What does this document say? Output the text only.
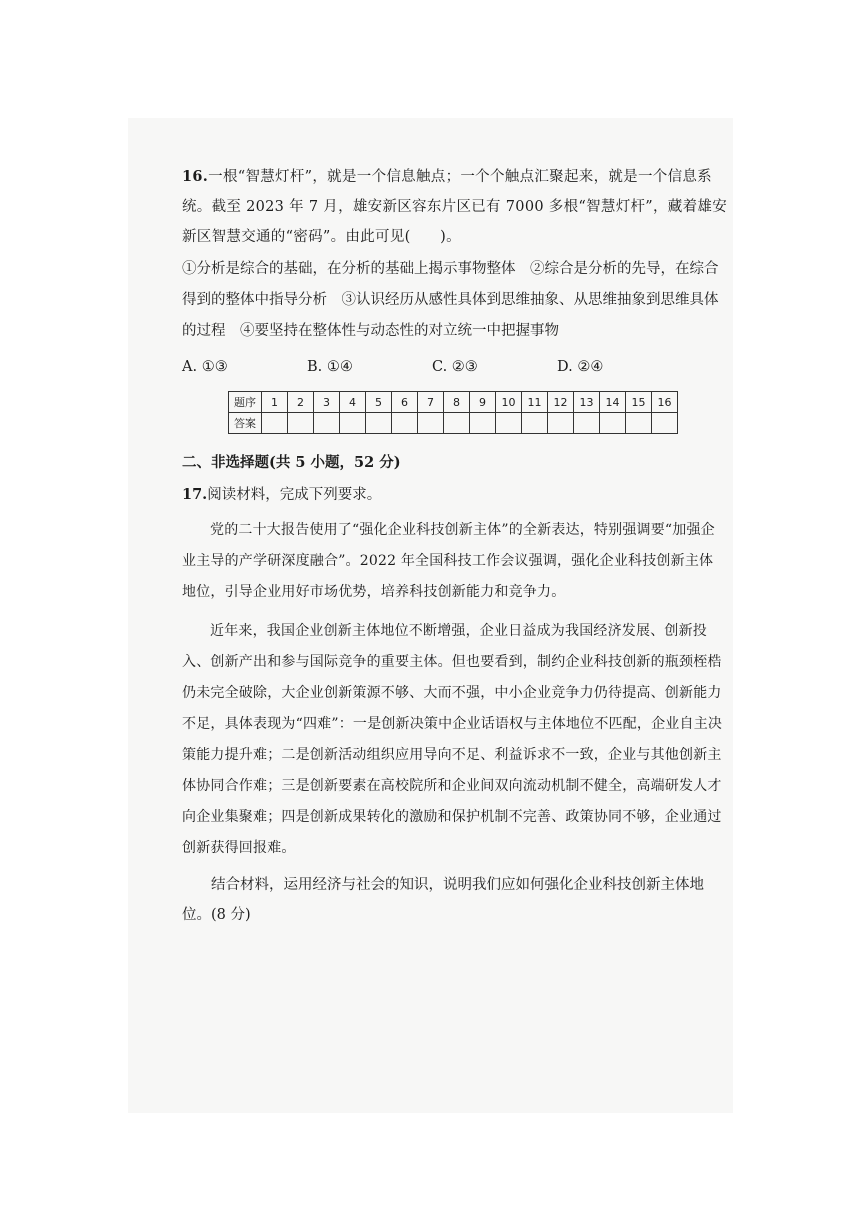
16.一根“智慧灯杆”，就是一个信息触点；一个个触点汇聚起来，就是一个信息系统。截至 2023 年 7 月，雄安新区容东片区已有 7000 多根“智慧灯杆”，藏着雄安新区智慧交通的“密码”。由此可见(　　)。

①分析是综合的基础，在分析的基础上揭示事物整体　②综合是分析的先导，在综合得到的整体中指导分析　③认识经历从感性具体到思维抽象、从思维抽象到思维具体的过程　④要坚持在整体性与动态性的对立统一中把握事物

A. ①③	B. ①④	C. ②③	D. ②④
题序	1	2	3	4	5	6	7	8	9	10	11	12	13	14	15	16
答案																

二、非选择题(共 5 小题，52 分)

17.阅读材料，完成下列要求。

党的二十大报告使用了“强化企业科技创新主体”的全新表达，特别强调要“加强企业主导的产学研深度融合”。2022 年全国科技工作会议强调，强化企业科技创新主体地位，引导企业用好市场优势，培养科技创新能力和竞争力。

近年来，我国企业创新主体地位不断增强，企业日益成为我国经济发展、创新投入、创新产出和参与国际竞争的重要主体。但也要看到，制约企业科技创新的瓶颈桎梏仍未完全破除，大企业创新策源不够、大而不强，中小企业竞争力仍待提高、创新能力不足，具体表现为“四难”：一是创新决策中企业话语权与主体地位不匹配，企业自主决策能力提升难；二是创新活动组织应用导向不足、利益诉求不一致，企业与其他创新主体协同合作难；三是创新要素在高校院所和企业间双向流动机制不健全，高端研发人才向企业集聚难；四是创新成果转化的激励和保护机制不完善、政策协同不够，企业通过创新获得回报难。

结合材料，运用经济与社会的知识，说明我们应如何强化企业科技创新主体地位。(8 分)
